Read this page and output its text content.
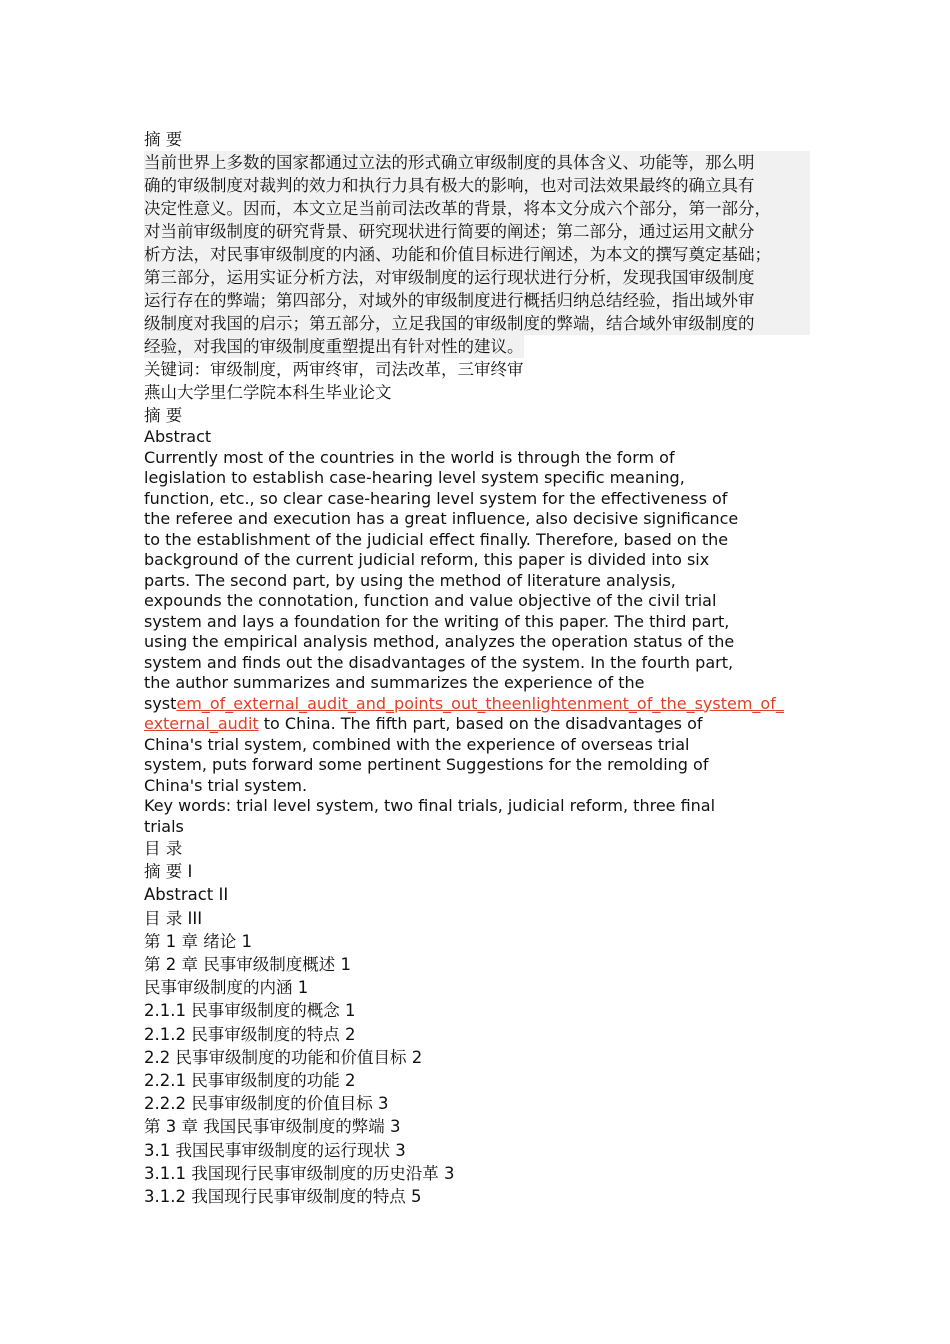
摘 要
当前世界上多数的国家都通过立法的形式确立审级制度的具体含义、功能等，那么明
确的审级制度对裁判的效力和执行力具有极大的影响，也对司法效果最终的确立具有
决定性意义。因而，本文立足当前司法改革的背景，将本文分成六个部分，第一部分，
对当前审级制度的研究背景、研究现状进行简要的阐述；第二部分，通过运用文献分
析方法，对民事审级制度的内涵、功能和价值目标进行阐述，为本文的撰写奠定基础；
第三部分，运用实证分析方法，对审级制度的运行现状进行分析，发现我国审级制度
运行存在的弊端；第四部分，对域外的审级制度进行概括归纳总结经验，指出域外审
级制度对我国的启示；第五部分，立足我国的审级制度的弊端，结合域外审级制度的
经验，对我国的审级制度重塑提出有针对性的建议。
关键词：审级制度，两审终审，司法改革，三审终审
燕山大学里仁学院本科生毕业论文
摘 要
Abstract
Currently most of the countries in the world is through the form of
legislation to establish case-hearing level system specific meaning,
function, etc., so clear case-hearing level system for the effectiveness of
the referee and execution has a great influence, also decisive significance
to the establishment of the judicial effect finally. Therefore, based on the
background of the current judicial reform, this paper is divided into six
parts. The second part, by using the method of literature analysis,
expounds the connotation, function and value objective of the civil trial
system and lays a foundation for the writing of this paper. The third part,
using the empirical analysis method, analyzes the operation status of the
system and finds out the disadvantages of the system. In the fourth part,
the author summarizes and summarizes the experience of the
system_of_external_audit_and_points_out_theenlightenment_of_the_system_of_
external_audit to China. The fifth part, based on the disadvantages of
China's trial system, combined with the experience of overseas trial
system, puts forward some pertinent Suggestions for the remolding of
China's trial system.
Key words: trial level system, two final trials, judicial reform, three final
trials
目 录
摘 要 I
Abstract II
目 录 III
第 1 章 绪论 1
第 2 章 民事审级制度概述 1
民事审级制度的内涵 1
2.1.1 民事审级制度的概念 1
2.1.2 民事审级制度的特点 2
2.2 民事审级制度的功能和价值目标 2
2.2.1 民事审级制度的功能 2
2.2.2 民事审级制度的价值目标 3
第 3 章 我国民事审级制度的弊端 3
3.1 我国民事审级制度的运行现状 3
3.1.1 我国现行民事审级制度的历史沿革 3
3.1.2 我国现行民事审级制度的特点 5
